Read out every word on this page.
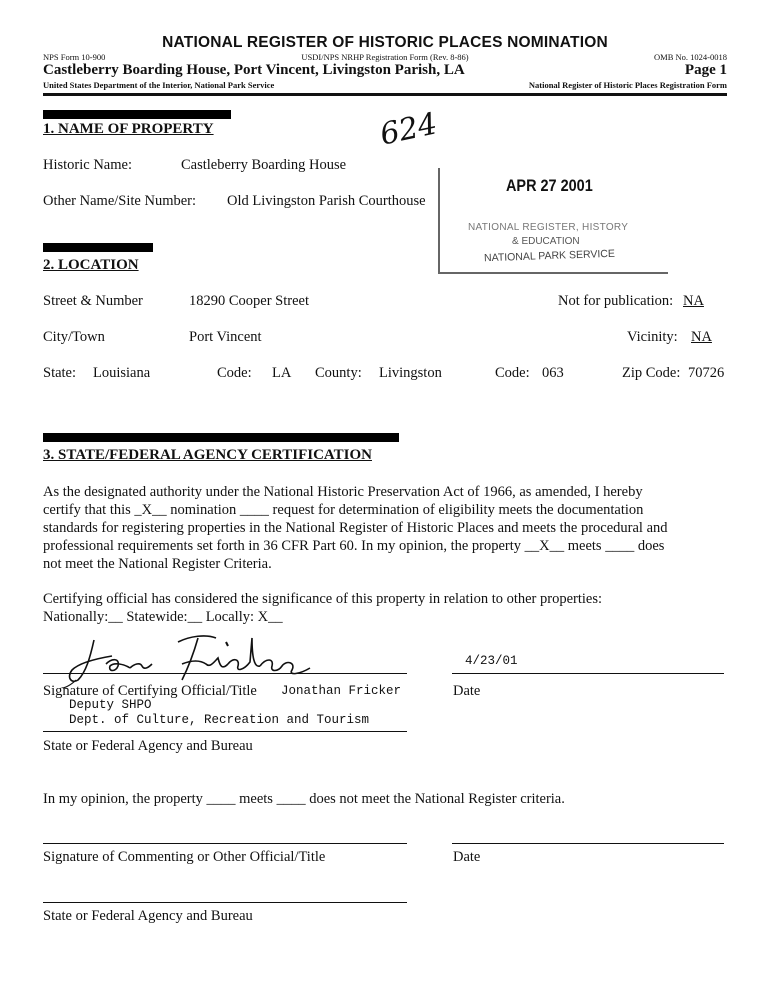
NATIONAL REGISTER OF HISTORIC PLACES NOMINATION
NPS Form 10-900	USDI/NPS NRHP Registration Form (Rev. 8-86)	OMB No. 1024-0018
Castleberry Boarding House, Port Vincent, Livingston Parish, LA	Page 1
United States Department of the Interior, National Park Service	National Register of Historic Places Registration Form
624
1. NAME OF PROPERTY
Historic Name:	Castleberry Boarding House
Other Name/Site Number: Old Livingston Parish Courthouse
APR 27 2001
NATIONAL REGISTER, HISTORY
& EDUCATION
NATIONAL PARK SERVICE
2. LOCATION
Street & Number	18290 Cooper Street	Not for publication: NA
City/Town	Port Vincent	Vicinity: NA
State: Louisiana	Code: LA County: Livingston	Code: 063	Zip Code: 70726
3. STATE/FEDERAL AGENCY CERTIFICATION
As the designated authority under the National Historic Preservation Act of 1966, as amended, I hereby
certify that this _X__ nomination ____ request for determination of eligibility meets the documentation
standards for registering properties in the National Register of Historic Places and meets the procedural and
professional requirements set forth in 36 CFR Part 60. In my opinion, the property __X__ meets ____ does
not meet the National Register Criteria.
Certifying official has considered the significance of this property in relation to other properties:
Nationally:__ Statewide:__ Locally: X__
4/23/01
Signature of Certifying Official/Title Jonathan Fricker	Date
Deputy SHPO
Dept. of Culture, Recreation and Tourism
State or Federal Agency and Bureau
In my opinion, the property ____ meets ____ does not meet the National Register criteria.
Signature of Commenting or Other Official/Title	Date
State or Federal Agency and Bureau
